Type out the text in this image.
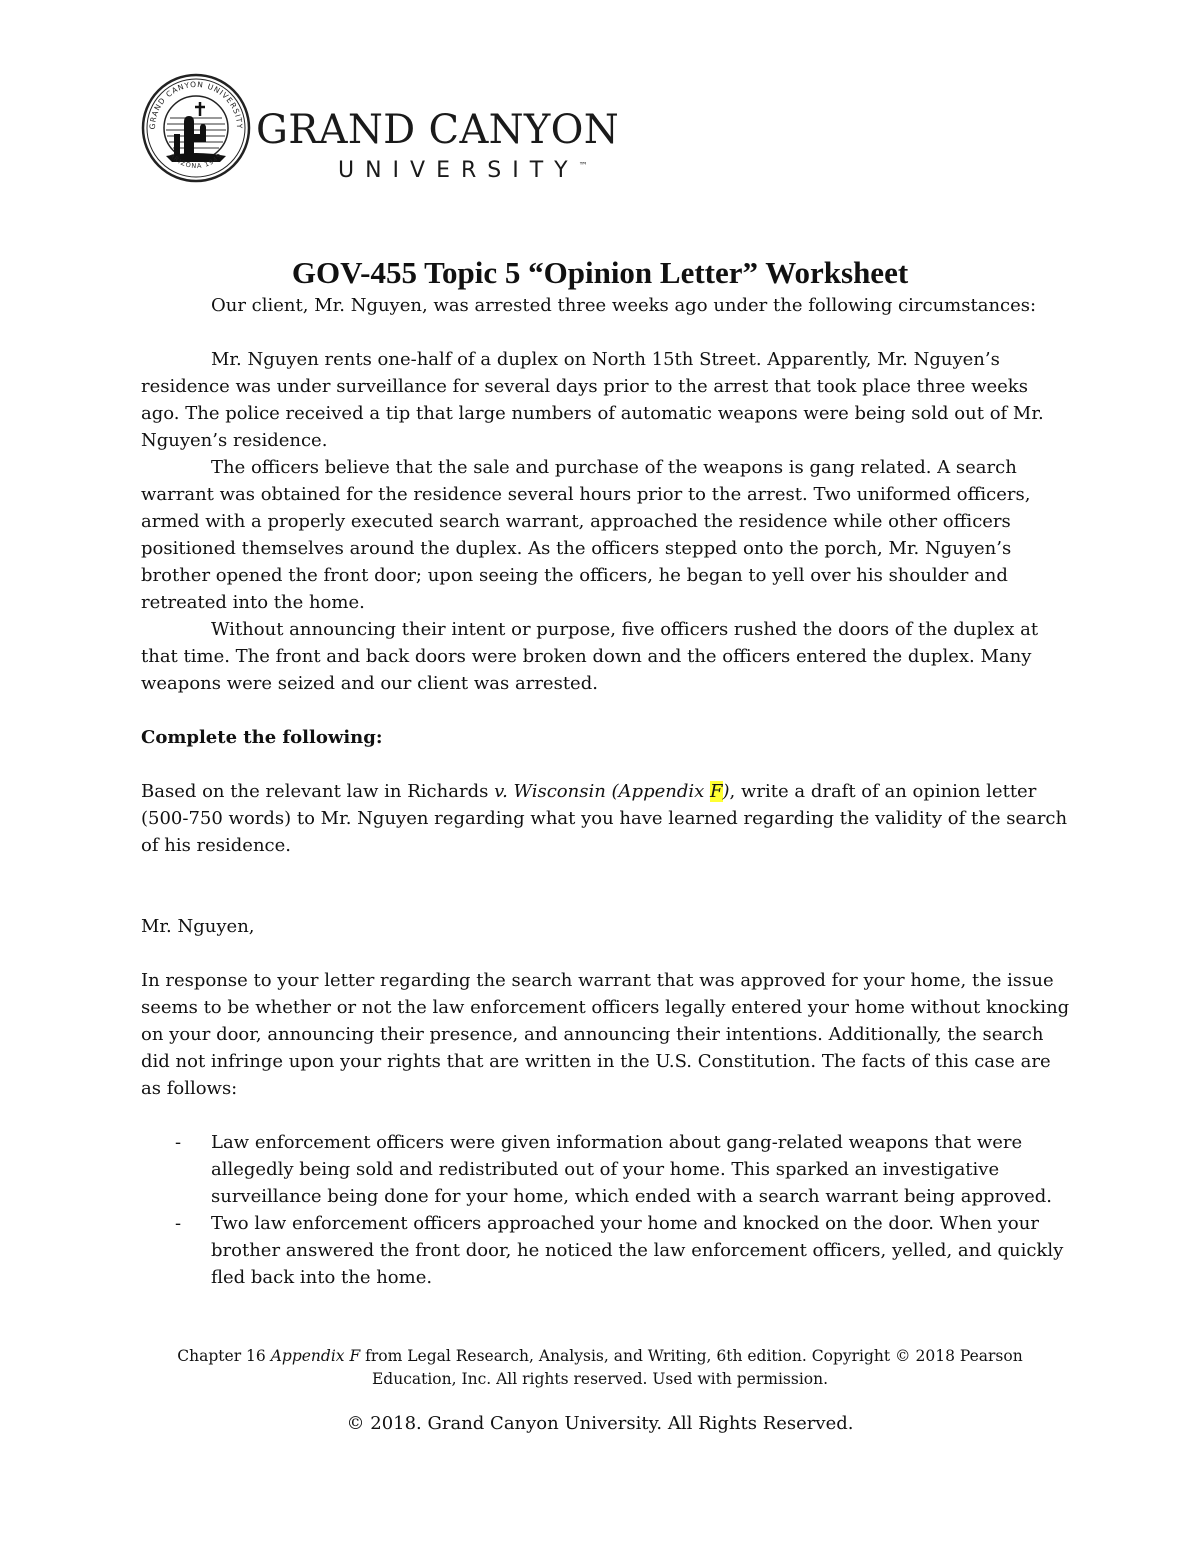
GRAND CANYON UNIVERSITY
ARIZONA 1949
GRAND CANYON
UNIVERSITY™
GOV-455 Topic 5 “Opinion Letter” Worksheet

Our client, Mr. Nguyen, was arrested three weeks ago under the following circumstances:

Mr. Nguyen rents one-half of a duplex on North 15th Street. Apparently, Mr. Nguyen’s residence was under surveillance for several days prior to the arrest that took place three weeks ago. The police received a tip that large numbers of automatic weapons were being sold out of Mr. Nguyen’s residence.

The officers believe that the sale and purchase of the weapons is gang related. A search warrant was obtained for the residence several hours prior to the arrest. Two uniformed officers, armed with a properly executed search warrant, approached the residence while other officers positioned themselves around the duplex. As the officers stepped onto the porch, Mr. Nguyen’s brother opened the front door; upon seeing the officers, he began to yell over his shoulder and retreated into the home.

Without announcing their intent or purpose, five officers rushed the doors of the duplex at that time. The front and back doors were broken down and the officers entered the duplex. Many weapons were seized and our client was arrested.

Complete the following:

Based on the relevant law in Richards v. Wisconsin (Appendix F), write a draft of an opinion letter (500-750 words) to Mr. Nguyen regarding what you have learned regarding the validity of the search of his residence.

Mr. Nguyen,

In response to your letter regarding the search warrant that was approved for your home, the issue seems to be whether or not the law enforcement officers legally entered your home without knocking on your door, announcing their presence, and announcing their intentions. Additionally, the search did not infringe upon your rights that are written in the U.S. Constitution. The facts of this case are as follows:

- Law enforcement officers were given information about gang-related weapons that were allegedly being sold and redistributed out of your home. This sparked an investigative surveillance being done for your home, which ended with a search warrant being approved.
- Two law enforcement officers approached your home and knocked on the door. When your brother answered the front door, he noticed the law enforcement officers, yelled, and quickly fled back into the home.
Chapter 16 Appendix F from Legal Research, Analysis, and Writing, 6th edition. Copyright © 2018 Pearson Education, Inc. All rights reserved. Used with permission.
© 2018. Grand Canyon University. All Rights Reserved.
